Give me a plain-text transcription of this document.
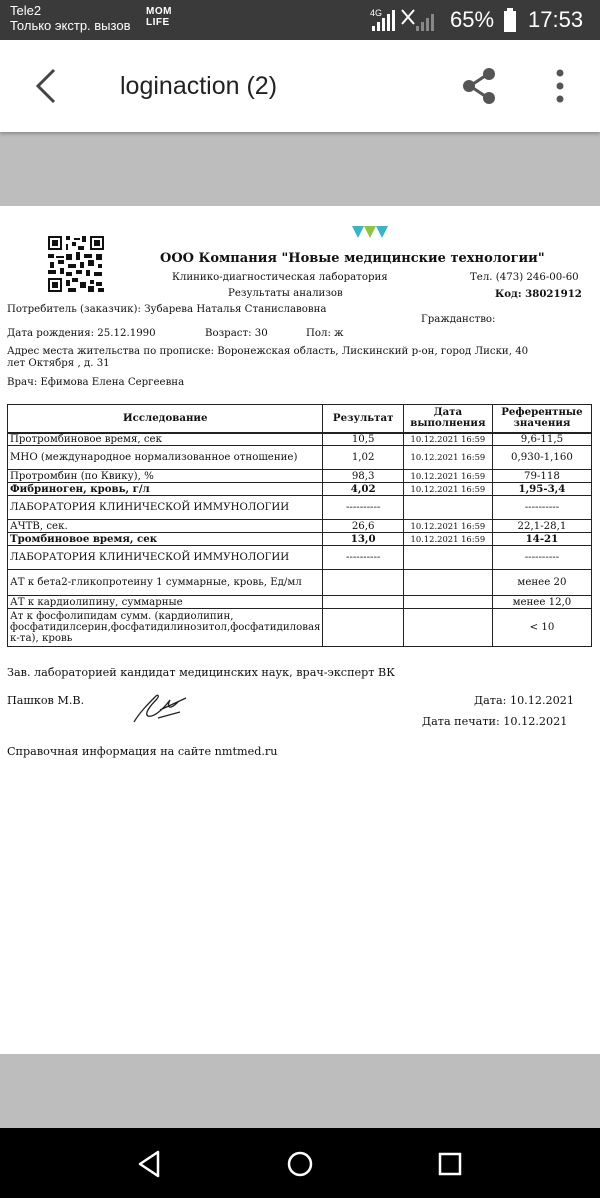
Tele2
Только экстр. вызов
MOM LIFE
4G	65% 17:53
loginaction (2)
ООО Компания "Новые медицинские технологии"
Клинико-диагностическая лаборатория	Тел. (473) 246-00-60
Результаты анализов	Код: 38021912
Потребитель (заказчик): Зубарева Наталья Станиславовна
Гражданство:
Дата рождения: 25.12.1990	Возраст: 30	Пол: ж
Адрес места жительства по прописке: Воронежская область, Лискинский р-он, город Лиски, 40
лет Октября , д. 31
Врач: Ефимова Елена Сергеевна
Исследование	Результат	Дата выполнения	Референтные значения
Протромбиновое время, сек	10,5	10.12.2021 16:59	9,6-11,5
МНО (международное нормализованное отношение)	1,02	10.12.2021 16:59	0,930-1,160
Протромбин (по Квику), %	98,3	10.12.2021 16:59	79-118
Фибриноген, кровь, г/л	4,02	10.12.2021 16:59	1,95-3,4
ЛАБОРАТОРИЯ КЛИНИЧЕСКОЙ ИММУНОЛОГИИ	----------		----------
АЧТВ, сек.	26,6	10.12.2021 16:59	22,1-28,1
Тромбиновое время, сек	13,0	10.12.2021 16:59	14-21
ЛАБОРАТОРИЯ КЛИНИЧЕСКОЙ ИММУНОЛОГИИ	----------		----------
АТ к бета2-гликопротеину 1 суммарные, кровь, Ед/мл			менее 20
АТ к кардиолипину, суммарные			менее 12,0
Ат к фосфолипидам сумм. (кардиолипин, фосфатидилсерин,фосфатидилинозитол,фосфатидиловая к-та), кровь			< 10
Зав. лабораторией кандидат медицинских наук, врач-эксперт ВК
Пашков М.В.	Дата: 10.12.2021
Дата печати: 10.12.2021
Справочная информация на сайте nmtmed.ru
